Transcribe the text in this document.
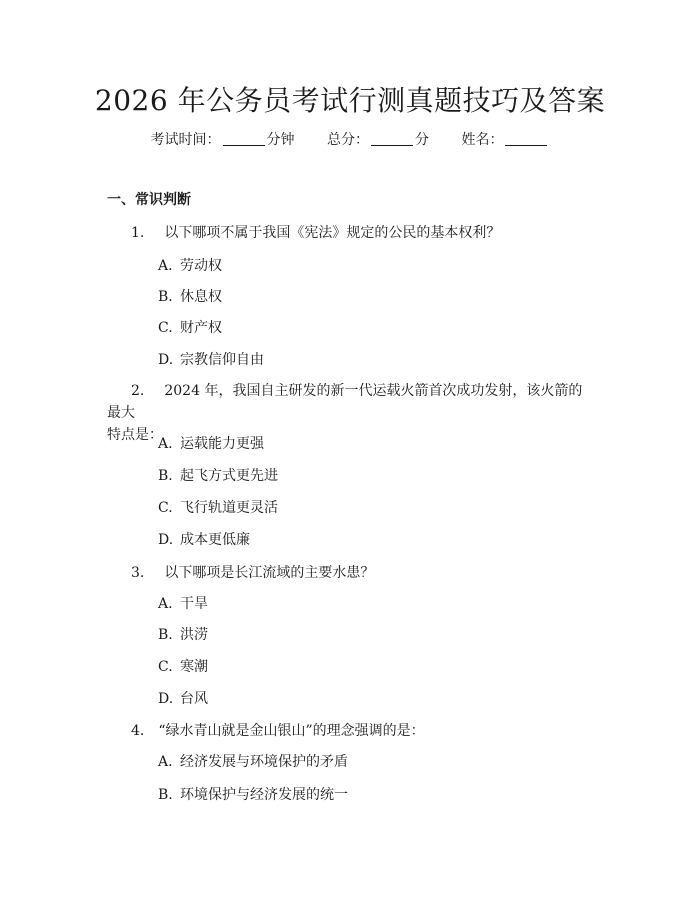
2026 年公务员考试行测真题技巧及答案
考试时间：	分钟 总分：	分 姓名：
一、常识判断
1. 以下哪项不属于我国《宪法》规定的公民的基本权利？
A. 劳动权
B. 休息权
C. 财产权
D. 宗教信仰自由
2. 2024 年，我国自主研发的新一代运载火箭首次成功发射，该火箭的最大
特点是：
A. 运载能力更强
B. 起飞方式更先进
C. 飞行轨道更灵活
D. 成本更低廉
3. 以下哪项是长江流域的主要水患？
A. 干旱
B. 洪涝
C. 寒潮
D. 台风
4. “绿水青山就是金山银山”的理念强调的是：
A. 经济发展与环境保护的矛盾
B. 环境保护与经济发展的统一
